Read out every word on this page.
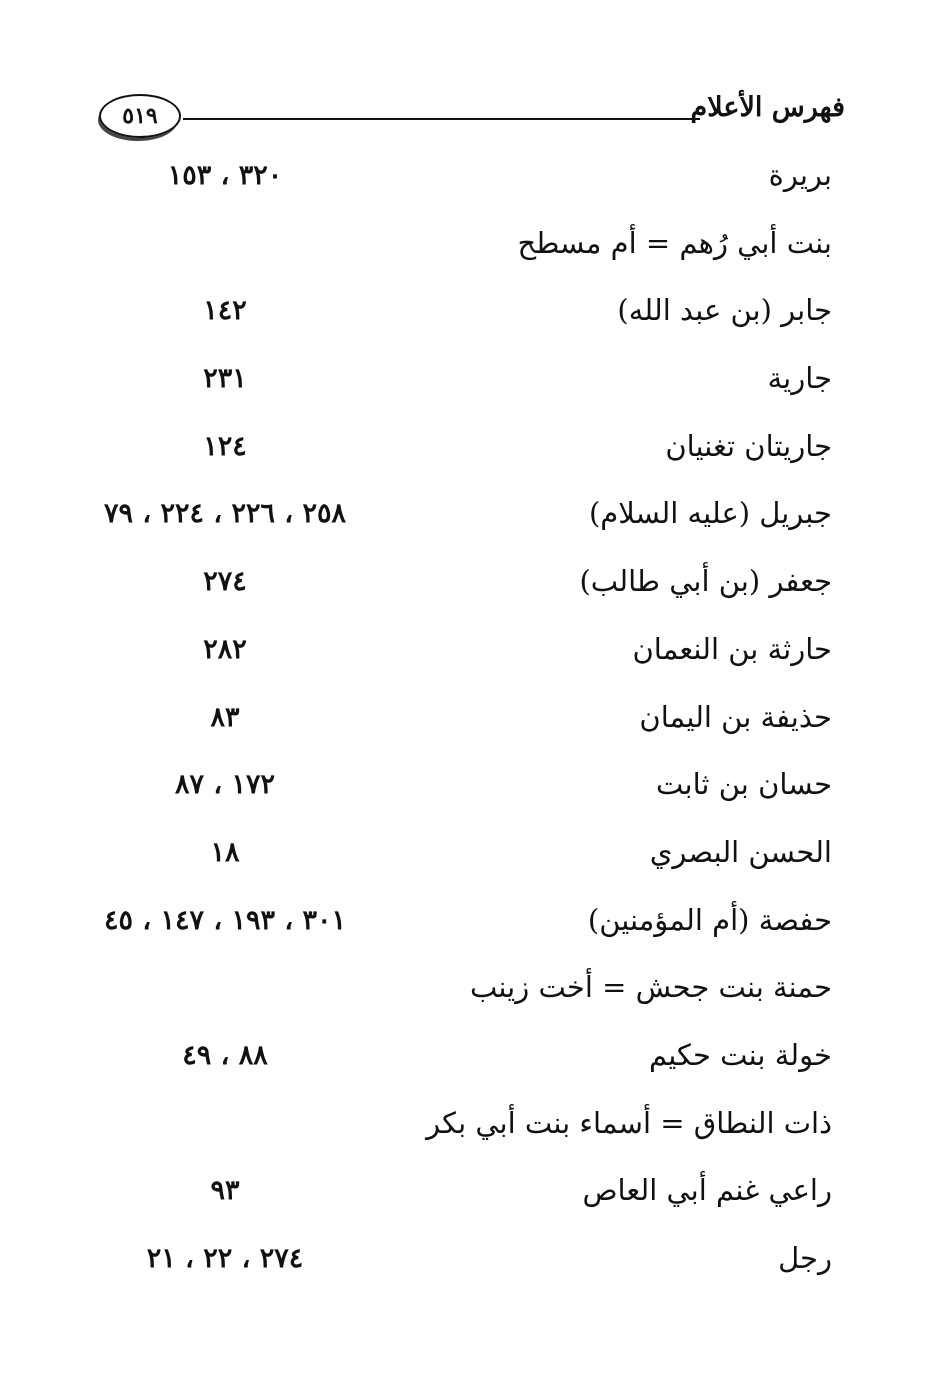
فهرس الأعلام
٥١٩
بريرة
٣٢٠ ، ١٥٣
بنت أبي رُهم = أم مسطح
جابر (بن عبد الله)
١٤٢
جارية
٢٣١
جاريتان تغنيان
١٢٤
جبريل (عليه السلام)
٢٥٨ ، ٢٢٦ ، ٢٢٤ ، ٧٩
جعفر (بن أبي طالب)
٢٧٤
حارثة بن النعمان
٢٨٢
حذيفة بن اليمان
٨٣
حسان بن ثابت
١٧٢ ، ٨٧
الحسن البصري
١٨
حفصة (أم المؤمنين)
٣٠١ ، ١٩٣ ، ١٤٧ ، ٤٥
حمنة بنت جحش = أخت زينب
خولة بنت حكيم
٨٨ ، ٤٩
ذات النطاق = أسماء بنت أبي بكر
راعي غنم أبي العاص
٩٣
رجل
٢٧٤ ، ٢٢ ، ٢١
